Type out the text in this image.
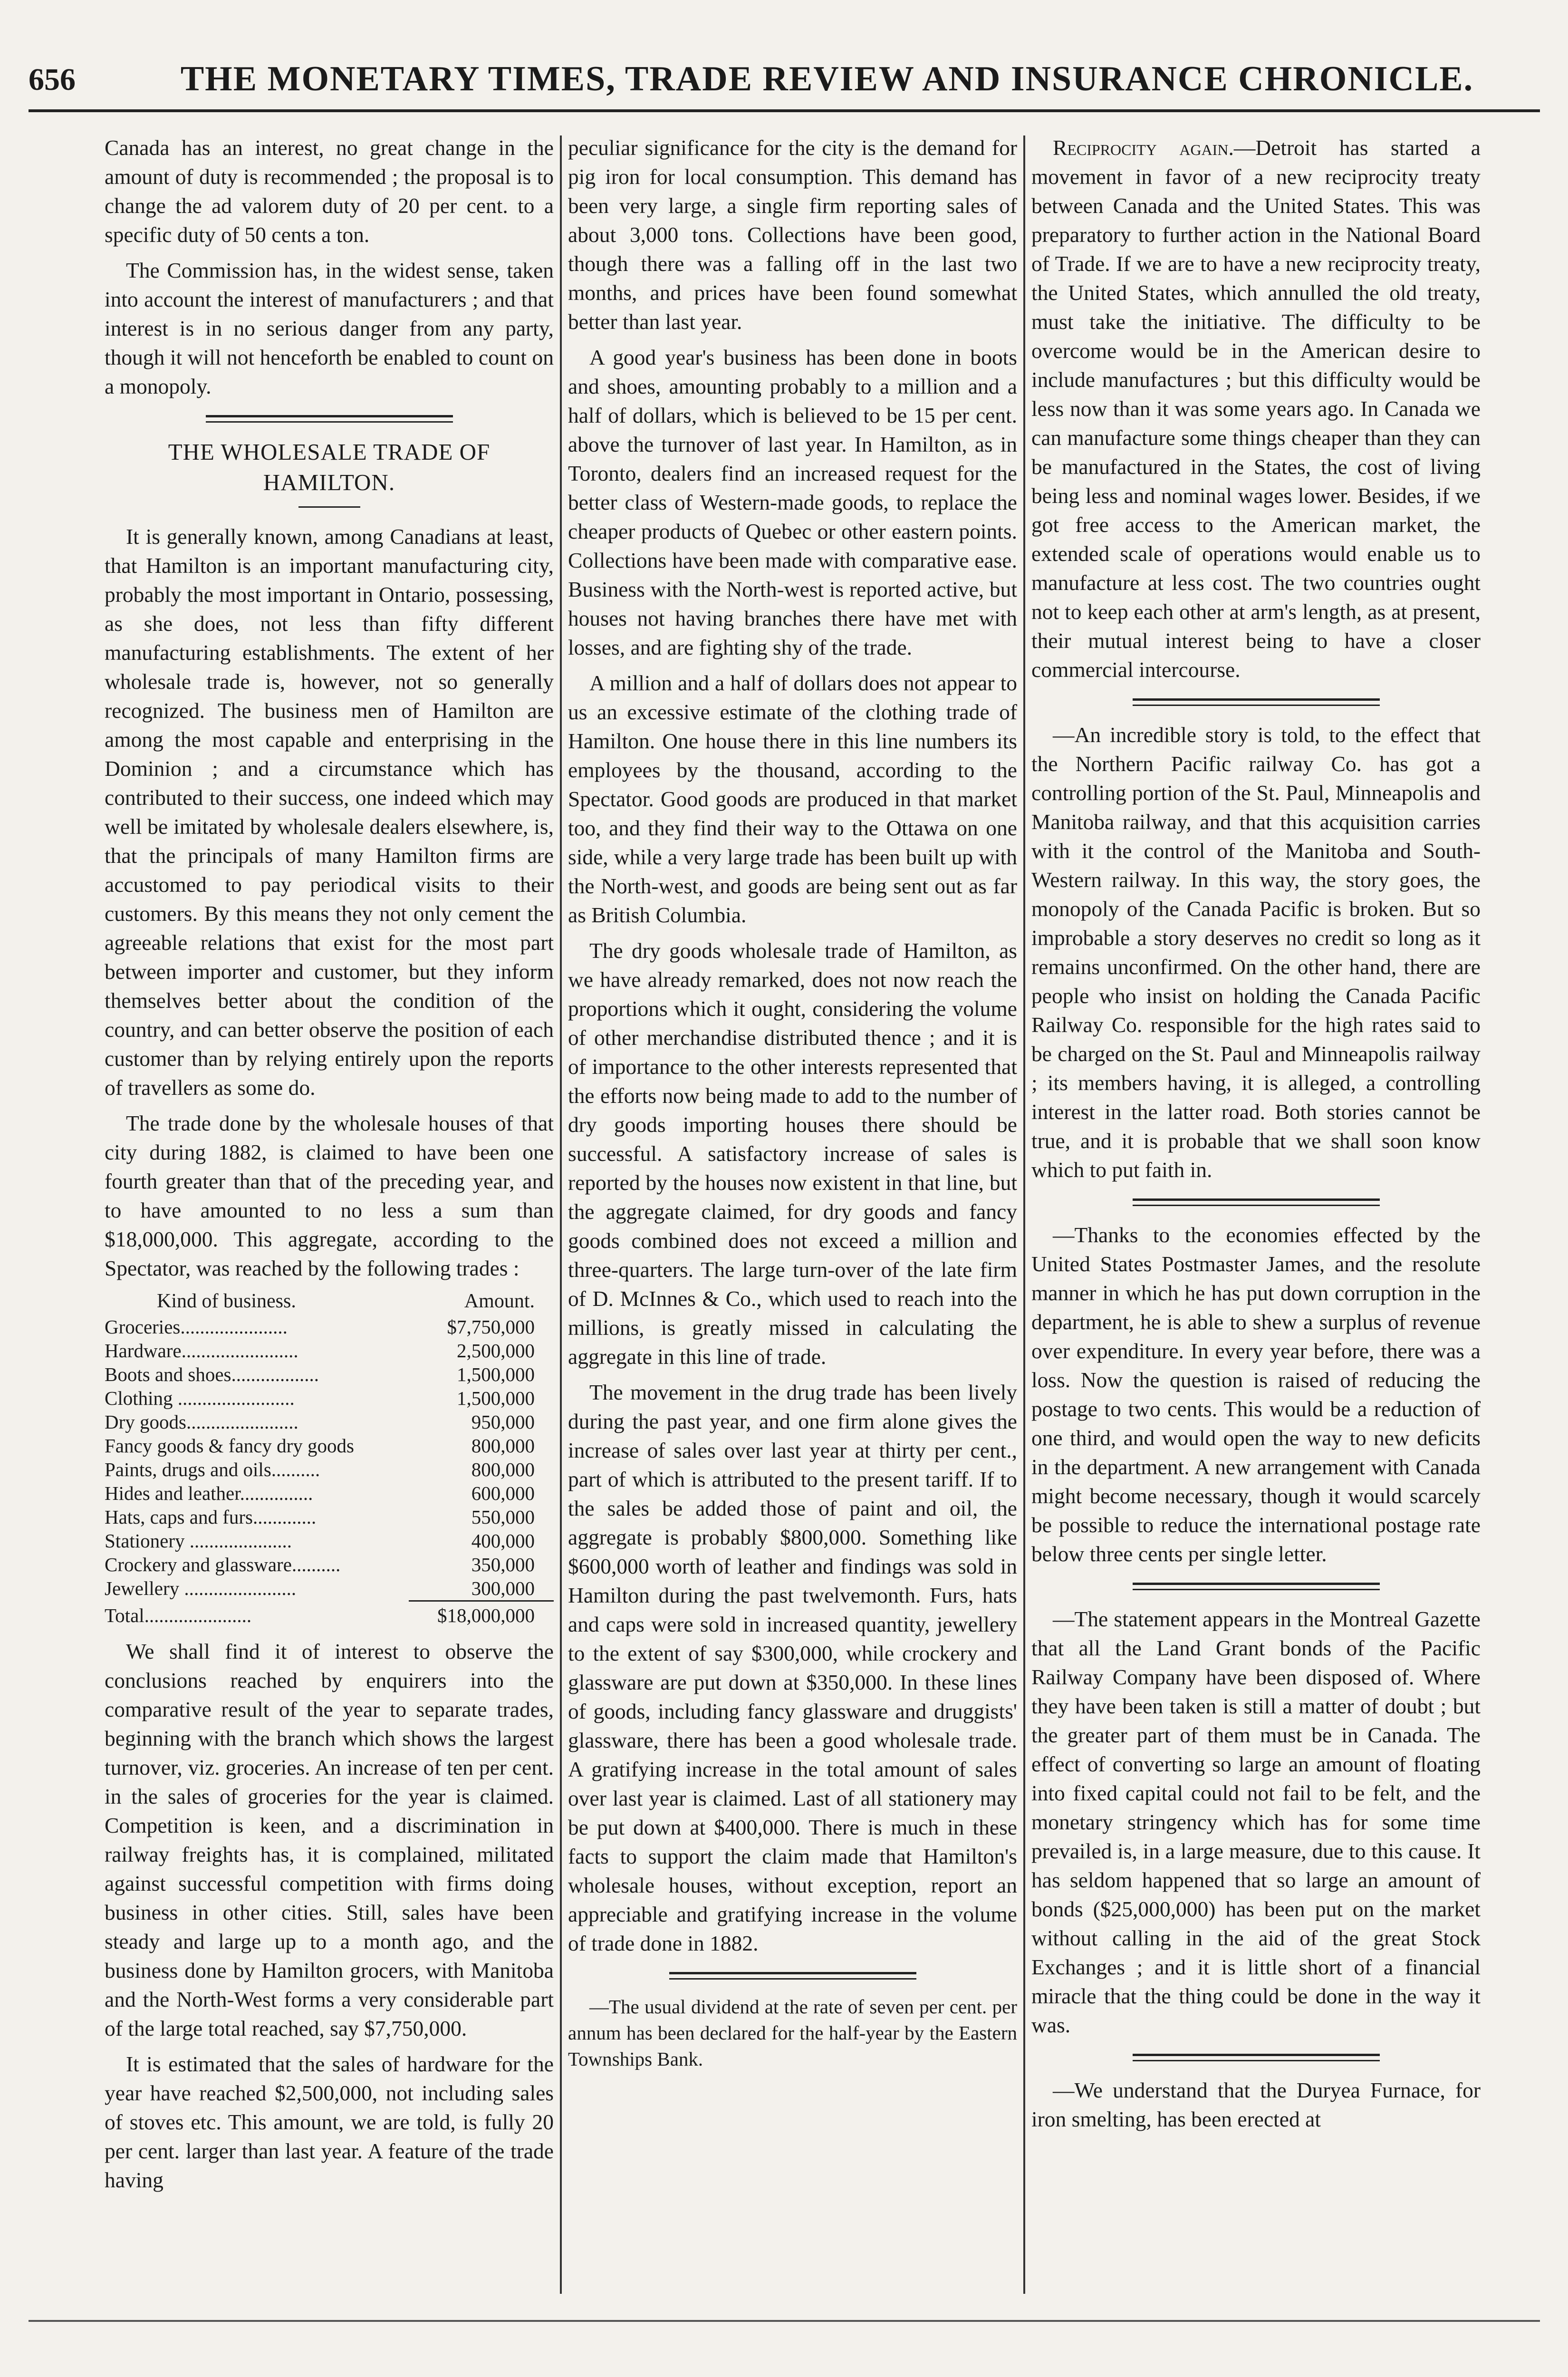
656	THE MONETARY TIMES, TRADE REVIEW AND INSURANCE CHRONICLE.

Canada has an interest, no great change in the amount of duty is recommended ; the proposal is to change the ad valorem duty of 20 per cent. to a specific duty of 50 cents a ton.

The Commission has, in the widest sense, taken into account the interest of manufacturers ; and that interest is in no serious danger from any party, though it will not henceforth be enabled to count on a monopoly.

THE WHOLESALE TRADE OF HAMILTON.

It is generally known, among Canadians at least, that Hamilton is an important manufacturing city, probably the most important in Ontario, possessing, as she does, not less than fifty different manufacturing establishments. The extent of her wholesale trade is, however, not so generally recognized. The business men of Hamilton are among the most capable and enterprising in the Dominion ; and a circumstance which has contributed to their success, one indeed which may well be imitated by wholesale dealers elsewhere, is, that the principals of many Hamilton firms are accustomed to pay periodical visits to their customers. By this means they not only cement the agreeable relations that exist for the most part between importer and customer, but they inform themselves better about the condition of the country, and can better observe the position of each customer than by relying entirely upon the reports of travellers as some do.

The trade done by the wholesale houses of that city during 1882, is claimed to have been one fourth greater than that of the preceding year, and to have amounted to no less a sum than $18,000,000. This aggregate, according to the Spectator, was reached by the following trades :

Kind of business.	Amount.
Groceries......................	$7,750,000
Hardware........................	2,500,000
Boots and shoes..................	1,500,000
Clothing ........................	1,500,000
Dry goods.......................	950,000
Fancy goods & fancy dry goods	800,000
Paints, drugs and oils..........	800,000
Hides and leather...............	600,000
Hats, caps and furs.............	550,000
Stationery .....................	400,000
Crockery and glassware..........	350,000
Jewellery .......................	300,000
Total......................	$18,000,000

We shall find it of interest to observe the conclusions reached by enquirers into the comparative result of the year to separate trades, beginning with the branch which shows the largest turnover, viz. groceries. An increase of ten per cent. in the sales of groceries for the year is claimed. Competition is keen, and a discrimination in railway freights has, it is complained, militated against successful competition with firms doing business in other cities. Still, sales have been steady and large up to a month ago, and the business done by Hamilton grocers, with Manitoba and the North-West forms a very considerable part of the large total reached, say $7,750,000.

It is estimated that the sales of hardware for the year have reached $2,500,000, not including sales of stoves etc. This amount, we are told, is fully 20 per cent. larger than last year. A feature of the trade having

peculiar significance for the city is the demand for pig iron for local consumption. This demand has been very large, a single firm reporting sales of about 3,000 tons. Collections have been good, though there was a falling off in the last two months, and prices have been found somewhat better than last year.

A good year's business has been done in boots and shoes, amounting probably to a million and a half of dollars, which is believed to be 15 per cent. above the turnover of last year. In Hamilton, as in Toronto, dealers find an increased request for the better class of Western-made goods, to replace the cheaper products of Quebec or other eastern points. Collections have been made with comparative ease. Business with the North-west is reported active, but houses not having branches there have met with losses, and are fighting shy of the trade.

A million and a half of dollars does not appear to us an excessive estimate of the clothing trade of Hamilton. One house there in this line numbers its employees by the thousand, according to the Spectator. Good goods are produced in that market too, and they find their way to the Ottawa on one side, while a very large trade has been built up with the North-west, and goods are being sent out as far as British Columbia.

The dry goods wholesale trade of Hamilton, as we have already remarked, does not now reach the proportions which it ought, considering the volume of other merchandise distributed thence ; and it is of importance to the other interests represented that the efforts now being made to add to the number of dry goods importing houses there should be successful. A satisfactory increase of sales is reported by the houses now existent in that line, but the aggregate claimed, for dry goods and fancy goods combined does not exceed a million and three-quarters. The large turn-over of the late firm of D. McInnes & Co., which used to reach into the millions, is greatly missed in calculating the aggregate in this line of trade.

The movement in the drug trade has been lively during the past year, and one firm alone gives the increase of sales over last year at thirty per cent., part of which is attributed to the present tariff. If to the sales be added those of paint and oil, the aggregate is probably $800,000. Something like $600,000 worth of leather and findings was sold in Hamilton during the past twelvemonth. Furs, hats and caps were sold in increased quantity, jewellery to the extent of say $300,000, while crockery and glassware are put down at $350,000. In these lines of goods, including fancy glassware and druggists' glassware, there has been a good wholesale trade. A gratifying increase in the total amount of sales over last year is claimed. Last of all stationery may be put down at $400,000. There is much in these facts to support the claim made that Hamilton's wholesale houses, without exception, report an appreciable and gratifying increase in the volume of trade done in 1882.

—The usual dividend at the rate of seven per cent. per annum has been declared for the half-year by the Eastern Townships Bank.

Reciprocity again.—Detroit has started a movement in favor of a new reciprocity treaty between Canada and the United States. This was preparatory to further action in the National Board of Trade. If we are to have a new reciprocity treaty, the United States, which annulled the old treaty, must take the initiative. The difficulty to be overcome would be in the American desire to include manufactures ; but this difficulty would be less now than it was some years ago. In Canada we can manufacture some things cheaper than they can be manufactured in the States, the cost of living being less and nominal wages lower. Besides, if we got free access to the American market, the extended scale of operations would enable us to manufacture at less cost. The two countries ought not to keep each other at arm's length, as at present, their mutual interest being to have a closer commercial intercourse.

—An incredible story is told, to the effect that the Northern Pacific railway Co. has got a controlling portion of the St. Paul, Minneapolis and Manitoba railway, and that this acquisition carries with it the control of the Manitoba and South-Western railway. In this way, the story goes, the monopoly of the Canada Pacific is broken. But so improbable a story deserves no credit so long as it remains unconfirmed. On the other hand, there are people who insist on holding the Canada Pacific Railway Co. responsible for the high rates said to be charged on the St. Paul and Minneapolis railway ; its members having, it is alleged, a controlling interest in the latter road. Both stories cannot be true, and it is probable that we shall soon know which to put faith in.

—Thanks to the economies effected by the United States Postmaster James, and the resolute manner in which he has put down corruption in the department, he is able to shew a surplus of revenue over expenditure. In every year before, there was a loss. Now the question is raised of reducing the postage to two cents. This would be a reduction of one third, and would open the way to new deficits in the department. A new arrangement with Canada might become necessary, though it would scarcely be possible to reduce the international postage rate below three cents per single letter.

—The statement appears in the Montreal Gazette that all the Land Grant bonds of the Pacific Railway Company have been disposed of. Where they have been taken is still a matter of doubt ; but the greater part of them must be in Canada. The effect of converting so large an amount of floating into fixed capital could not fail to be felt, and the monetary stringency which has for some time prevailed is, in a large measure, due to this cause. It has seldom happened that so large an amount of bonds ($25,000,000) has been put on the market without calling in the aid of the great Stock Exchanges ; and it is little short of a financial miracle that the thing could be done in the way it was.

—We understand that the Duryea Furnace, for iron smelting, has been erected at
